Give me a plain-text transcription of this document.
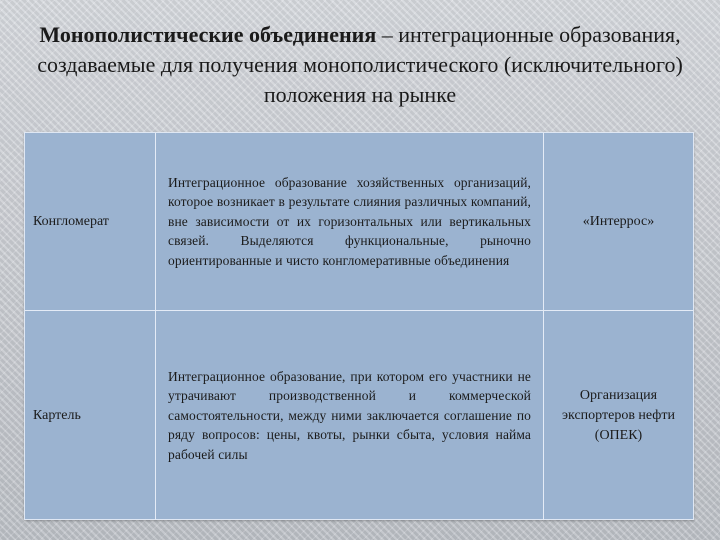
Монополистические объединения – интеграционные образования, создаваемые для получения монополистического (исключительного) положения на рынке
Конгломерат
Интеграционное образование хозяйственных организаций, которое возникает в результате слияния различных компаний, вне зависимости от их горизонтальных или вертикальных связей. Выделяются функциональные, рыночно ориентированные и чисто конгломеративные объединения
«Интеррос»
Картель
Интеграционное образование, при котором его участники не утрачивают производственной и коммерческой самостоятельности, между ними заключается соглашение по ряду вопросов: цены, квоты, рынки сбыта, условия найма рабочей силы
Организация экспортеров нефти (ОПЕК)
